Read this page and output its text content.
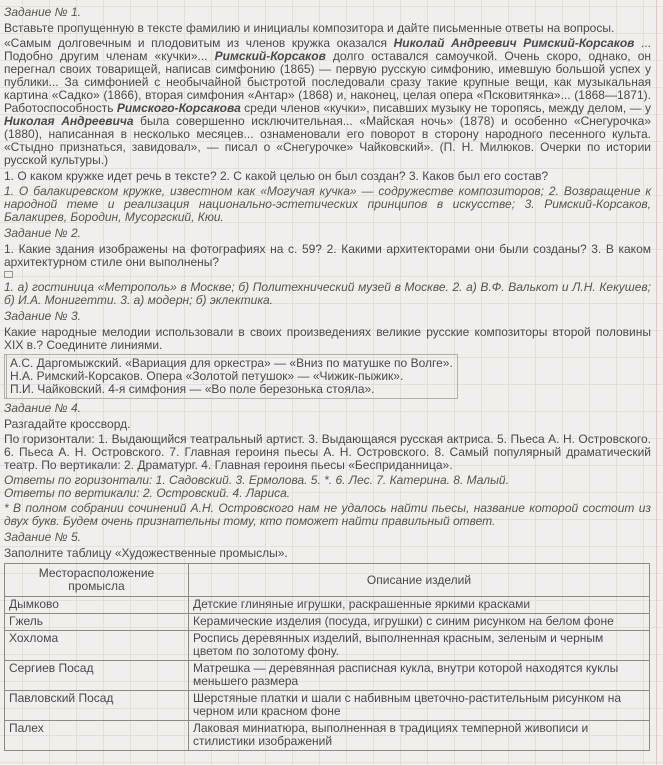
Задание № 1.

Вставьте пропущенную в тексте фамилию и инициалы композитора и дайте письменные ответы на вопросы.

«Самым долговечным и плодовитым из членов кружка оказался Николай Андреевич Римский-Корсаков ... Подобно другим членам «кучки»... Римский-Корсаков долго оставался самоучкой. Очень скоро, однако, он перегнал своих товарищей, написав симфонию (1865) — первую русскую симфонию, имевшую большой успех у публики... За симфонией с необычайной быстротой последовали сразу такие крупные вещи, как музыкальная картина «Садко» (1866), вторая симфония «Антар» (1868) и, наконец, целая опера «Псковитянка»... (1868—1871). Работоспособность Римского-Корсакова среди членов «кучки», писавших музыку не торопясь, между делом, — у Николая Андреевича была совершенно исключительная... «Майская ночь» (1878) и особенно «Снегурочка» (1880), написанная в несколько месяцев... ознаменовали его поворот в сторону народного песенного культа. «Стыдно признаться, завидовал», — писал о «Снегурочке» Чайковский». (П. Н. Милюков. Очерки по истории русской культуры.)

1. О каком кружке идет речь в тексте? 2. С какой целью он был создан? 3. Каков был его состав?

1. О балакиревском кружке, известном как «Могучая кучка» — содружестве композиторов; 2. Возвращение к народной теме и реализация национально-эстетических принципов в искусстве; 3. Римский-Корсаков, Балакирев, Бородин, Мусоргский, Кюи.

Задание № 2.

1. Какие здания изображены на фотографиях на с. 59? 2. Какими архитекторами они были созданы? 3. В каком архитектурном стиле они выполнены?

1. а) гостиница «Метрополь» в Москве; б) Политехнический музей в Москве. 2. а) В.Ф. Валькот и Л.Н. Кекушев; б) И.А. Монигетти. 3. а) модерн; б) эклектика.

Задание № 3.

Какие народные мелодии использовали в своих произведениях великие русские композиторы второй половины XIX в.? Соедините линиями.

А.С. Даргомыжский. «Вариация для оркестра» — «Вниз по матушке по Волге».
Н.А. Римский-Корсаков. Опера «Золотой петушок» — «Чижик-пыжик».
П.И. Чайковский. 4-я симфония — «Во поле березонька стояла».

Задание № 4.

Разгадайте кроссворд.

По горизонтали: 1. Выдающийся театральный артист. 3. Выдающаяся русская актриса. 5. Пьеса А. Н. Островского. 6. Пьеса А. Н. Островского. 7. Главная героиня пьесы А. Н. Островского. 8. Самый популярный драматический театр. По вертикали: 2. Драматург. 4. Главная героиня пьесы «Бесприданница».

Ответы по горизонтали: 1. Садовский. 3. Ермолова. 5. *. 6. Лес. 7. Катерина. 8. Малый.

Ответы по вертикали: 2. Островский. 4. Лариса.

* В полном собрании сочинений А.Н. Островского нам не удалось найти пьесы, название которой состоит из двух букв. Будем очень признательны тому, кто поможет найти правильный ответ.

Задание № 5.

Заполните таблицу «Художественные промыслы».

Месторасположение промысла	Описание изделий
Дымково	Детские глиняные игрушки, раскрашенные яркими красками
Гжель	Керамические изделия (посуда, игрушки) с синим рисунком на белом фоне
Хохлома	Роспись деревянных изделий, выполненная красным, зеленым и черным цветом по золотому фону.
Сергиев Посад	Матрешка — деревянная расписная кукла, внутри которой находятся куклы меньшего размера
Павловский Посад	Шерстяные платки и шали с набивным цветочно-растительным рисунком на черном или красном фоне
Палех	Лаковая миниатюра, выполненная в традициях темперной живописи и стилистики изображений
